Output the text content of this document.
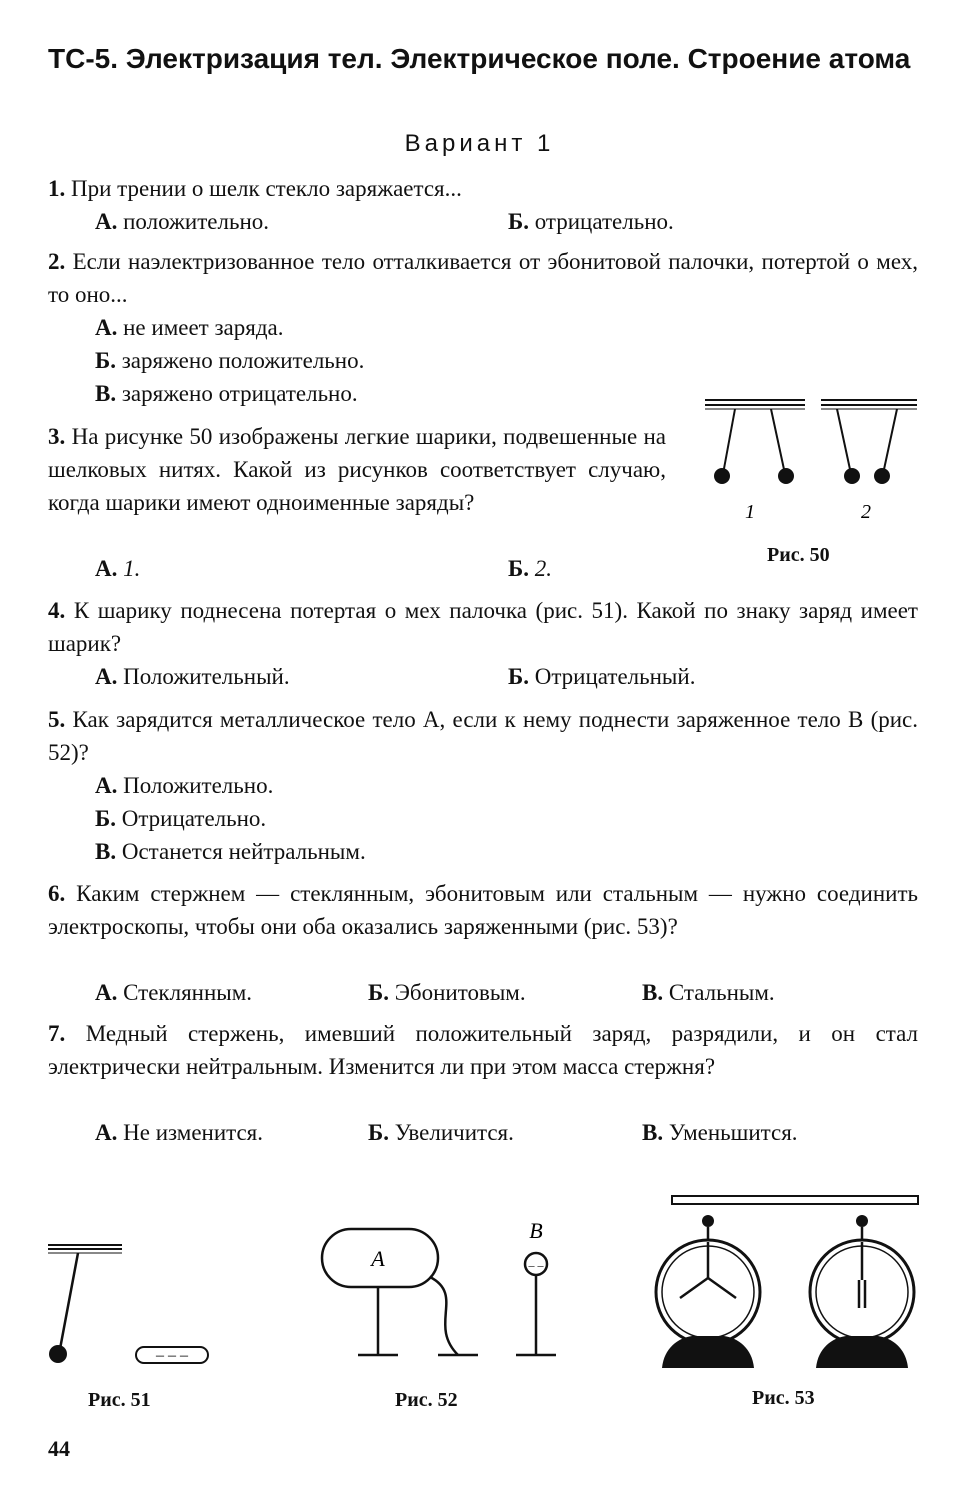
ТС-5. Электризация тел. Электрическое поле. Строение атома
Вариант 1
1. При трении о шелк стекло заряжается...
А. положительно.	Б. отрицательно.
2. Если наэлектризованное тело отталкивается от эбонитовой палочки, потертой о мех, то оно...
А. не имеет заряда.
Б. заряжено положительно.
В. заряжено отрицательно.
3. На рисунке 50 изображены легкие шарики, подвешенные на шелковых нитях. Какой из рисунков соответствует случаю, когда шарики имеют одноименные заряды?
А. 1.	Б. 2.
1	2
Рис. 50
4. К шарику поднесена потертая о мех палочка (рис. 51). Какой по знаку заряд имеет шарик?
А. Положительный.	Б. Отрицательный.
5. Как зарядится металлическое тело А, если к нему поднести заряженное тело В (рис. 52)?
А. Положительно.
Б. Отрицательно.
В. Останется нейтральным.
6. Каким стержнем — стеклянным, эбонитовым или стальным — нужно соединить электроскопы, чтобы они оба оказались заряженными (рис. 53)?
А. Стеклянным.	Б. Эбонитовым.	В. Стальным.
7. Медный стержень, имевший положительный заряд, разрядили, и он стал электрически нейтральным. Изменится ли при этом масса стержня?
А. Не изменится.	Б. Увеличится.	В. Уменьшится.
– – –
Рис. 51
А
В
– –
Рис. 52	Рис. 53
44
